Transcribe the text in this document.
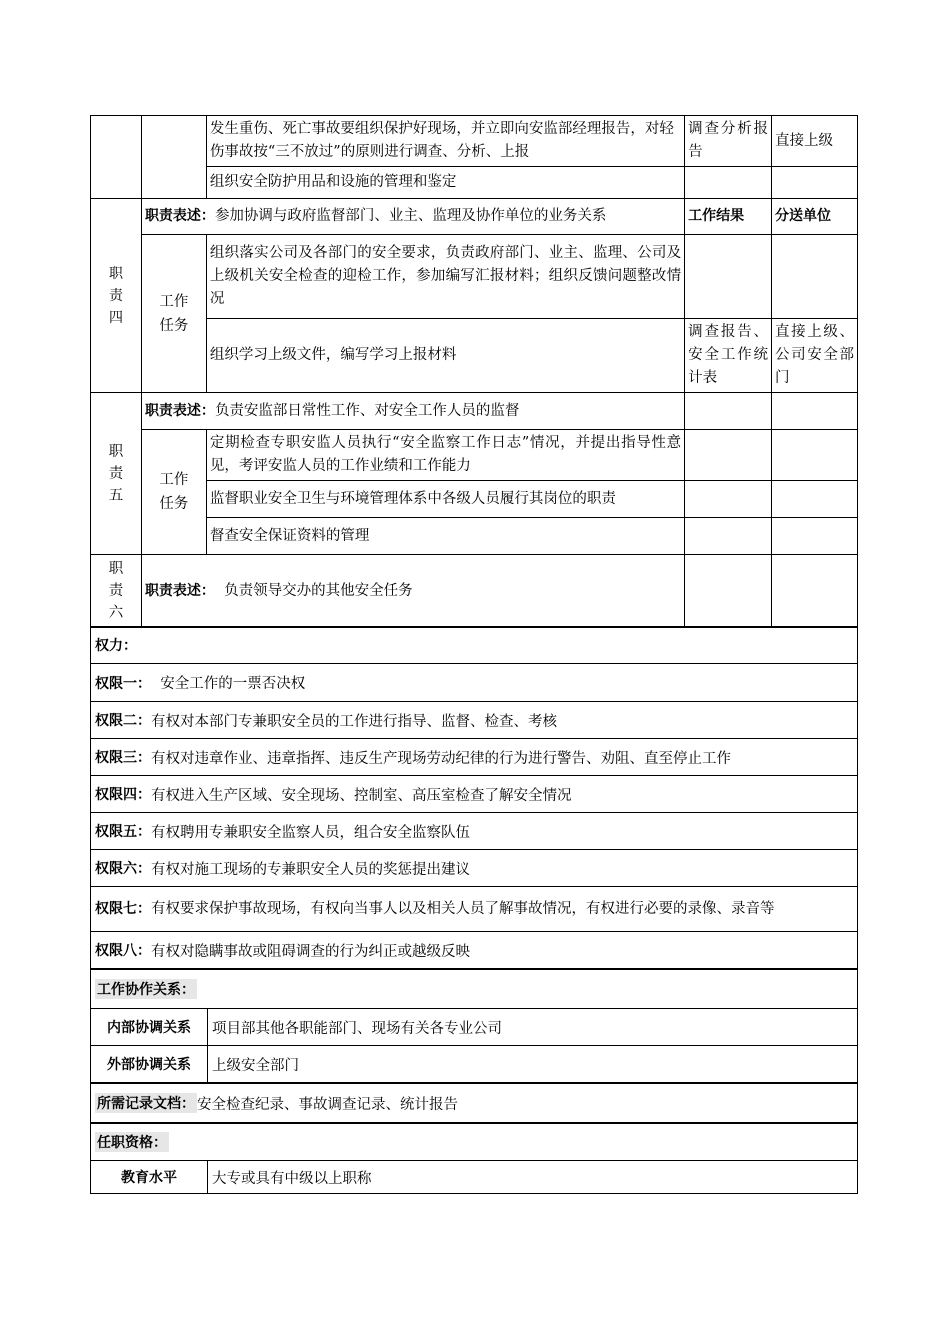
		发生重伤、死亡事故要组织保护好现场，并立即向安监部经理报告，对轻伤事故按“三不放过”的原则进行调查、分析、上报	调查分析报告	直接上级
		组织安全防护用品和设施的管理和鉴定		

职责四	职责表述：参加协调与政府监督部门、业主、监理及协作单位的业务关系		工作结果	分送单位

	工作任务	组织落实公司及各部门的安全要求，负责政府部门、业主、监理、公司及上级机关安全检查的迎检工作，参加编写汇报材料；组织反馈问题整改情况		
		组织学习上级文件，编写学习上报材料	调查报告、安全工作统计表	直接上级、公司安全部门

职责五	职责表述：负责安监部日常性工作、对安全工作人员的监督			

	工作任务	定期检查专职安监人员执行“安全监察工作日志”情况，并提出指导性意见，考评安监人员的工作业绩和工作能力		
		监督职业安全卫生与环境管理体系中各级人员履行其岗位的职责		
		督查安全保证资料的管理		

职责六	职责表述： 负责领导交办的其他安全任务			
权力：
权限一：
安全工作的一票否决权
权限二： 有权对本部门专兼职安全员的工作进行指导、监督、检查、考核
权限三： 有权对违章作业、违章指挥、违反生产现场劳动纪律的行为进行警告、劝阻、直至停止工作
权限四： 有权进入生产区域、安全现场、控制室、高压室检查了解安全情况
权限五： 有权聘用专兼职安全监察人员，组合安全监察队伍
权限六： 有权对施工现场的专兼职安全人员的奖惩提出建议
权限七：有权要求保护事故现场，有权向当事人以及相关人员了解事故情况，有权进行必要的录像、录音等
权限八： 有权对隐瞒事故或阻碍调查的行为纠正或越级反映
工作协作关系：
内部协调关系	项目部其他各职能部门、现场有关各专业公司
外部协调关系	上级安全部门
所需记录文档： 安全检查纪录、事故调查记录、统计报告
任职资格：
教育水平	大专或具有中级以上职称
